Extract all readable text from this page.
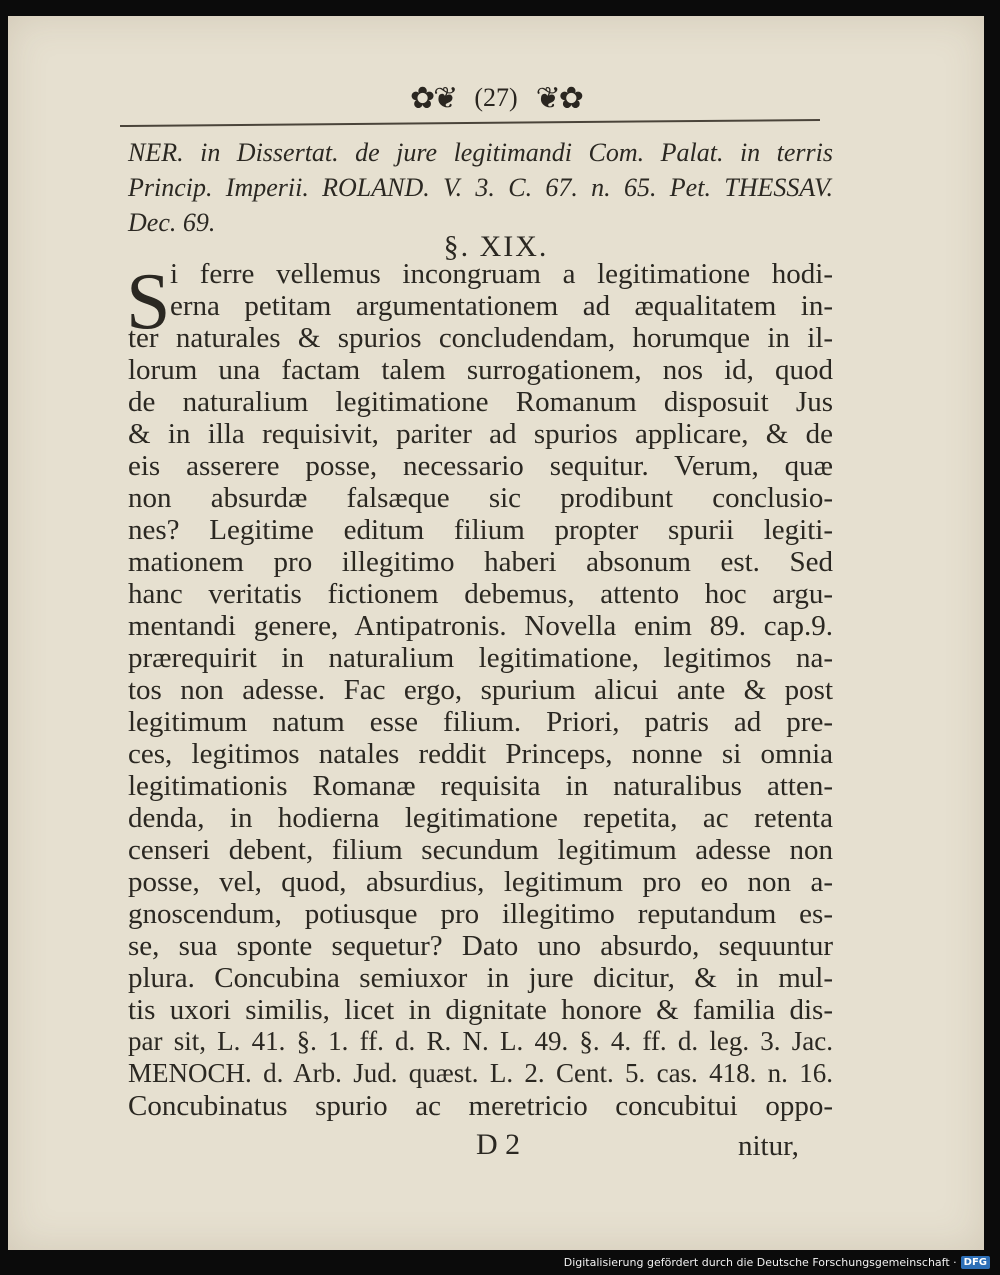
✿❦ (27) ❦✿
NER. in Dissertat. de jure legitimandi Com. Palat. in terris
Princip. Imperii. ROLAND. V. 3. C. 67. n. 65. Pet. THESSAV.
Dec. 69.
§. XIX.
S i ferre vellemus incongruam a legitimatione hodi-
erna petitam argumentationem ad æqualitatem in-
ter naturales & spurios concludendam, horumque in il-
lorum una factam talem surrogationem, nos id, quod
de naturalium legitimatione Romanum disposuit Jus
& in illa requisivit, pariter ad spurios applicare, & de
eis asserere posse, necessario sequitur. Verum, quæ
non absurdæ falsæque sic prodibunt conclusio-
nes? Legitime editum filium propter spurii legiti-
mationem pro illegitimo haberi absonum est. Sed
hanc veritatis fictionem debemus, attento hoc argu-
mentandi genere, Antipatronis. Novella enim 89. cap.9.
prærequirit in naturalium legitimatione, legitimos na-
tos non adesse. Fac ergo, spurium alicui ante & post
legitimum natum esse filium. Priori, patris ad pre-
ces, legitimos natales reddit Princeps, nonne si omnia
legitimationis Romanæ requisita in naturalibus atten-
denda, in hodierna legitimatione repetita, ac retenta
censeri debent, filium secundum legitimum adesse non
posse, vel, quod, absurdius, legitimum pro eo non a-
gnoscendum, potiusque pro illegitimo reputandum es-
se, sua sponte sequetur? Dato uno absurdo, sequuntur
plura. Concubina semiuxor in jure dicitur, & in mul-
tis uxori similis, licet in dignitate honore & familia dis-
par sit, L. 41. §. 1. ff. d. R. N. L. 49. §. 4. ff. d. leg. 3. Jac.
MENOCH. d. Arb. Jud. quæst. L. 2. Cent. 5. cas. 418. n. 16.
Concubinatus spurio ac meretricio concubitui oppo-
D 2	nitur,
Digitalisierung gefördert durch die Deutsche Forschungsgemeinschaft · DFG
